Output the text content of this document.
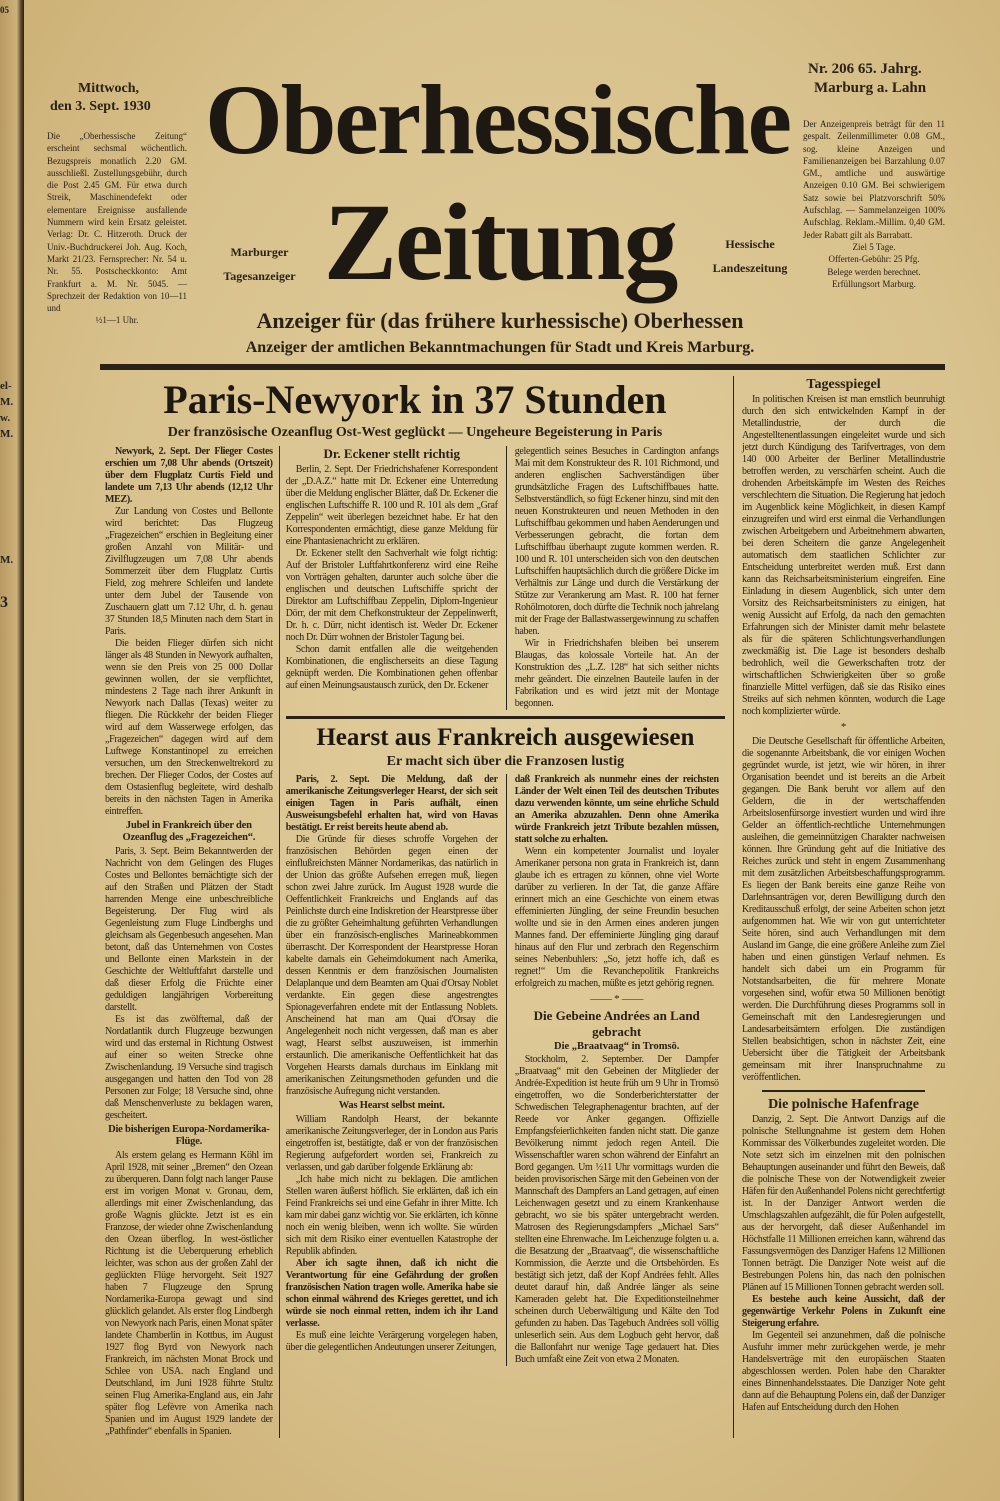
05
el-
M.
w.
M.
M.
3
Mittwoch,
den 3. Sept. 1930
Die „Oberhessische Zeitung“ erscheint sechsmal wöchentlich. Bezugspreis monatlich 2.20 GM. ausschließl. Zustellungsgebühr, durch die Post 2.45 GM. Für etwa durch Streik, Maschinendefekt oder elementare Ereignisse ausfallende Nummern wird kein Ersatz geleistet. Verlag: Dr. C. Hitzeroth. Druck der Univ.-Buchdruckerei Joh. Aug. Koch, Markt 21/23. Fernsprecher: Nr. 54 u. Nr. 55. Postscheckkonto: Amt Frankfurt a. M. Nr. 5045. — Sprechzeit der Redaktion von 10—11 und
½1—1 Uhr.
Oberhessische
Zeitung
Marburger
Tagesanzeiger
Hessische
Landeszeitung
Nr. 206 65. Jahrg.
Marburg a. Lahn
Der Anzeigenpreis beträgt für den 11 gespalt. Zeilenmillimeter 0.08 GM., sog. kleine Anzeigen und Familienanzeigen bei Barzahlung 0.07 GM., amtliche und auswärtige Anzeigen 0.10 GM. Bei schwierigem Satz sowie bei Platzvorschrift 50% Aufschlag. — Sammelanzeigen 100% Aufschlag. Reklam.-Millim. 0,40 GM. Jeder Rabatt gilt als Barrabatt.
Ziel 5 Tage.
Offerten-Gebühr: 25 Pfg.
Belege werden berechnet.
Erfüllungsort Marburg.
Anzeiger für (das frühere kurhessische) Oberhessen
Anzeiger der amtlichen Bekanntmachungen für Stadt und Kreis Marburg.
Paris-Newyork in 37 Stunden
Der französische Ozeanflug Ost-West geglückt — Ungeheure Begeisterung in Paris

Newyork, 2. Sept. Der Flieger Costes erschien um 7,08 Uhr abends (Ortszeit) über dem Flugplatz Curtis Field und landete um 7,13 Uhr abends (12,12 Uhr MEZ).

Zur Landung von Costes und Bellonte wird berichtet: Das Flugzeug „Fragezeichen“ erschien in Begleitung einer großen Anzahl von Militär- und Zivilflugzeugen um 7,08 Uhr abends Sommerzeit über dem Flugplatz Curtis Field, zog mehrere Schleifen und landete unter dem Jubel der Tausende von Zuschauern glatt um 7.12 Uhr, d. h. genau 37 Stunden 18,5 Minuten nach dem Start in Paris.

Die beiden Flieger dürfen sich nicht länger als 48 Stunden in Newyork aufhalten, wenn sie den Preis von 25 000 Dollar gewinnen wollen, der sie verpflichtet, mindestens 2 Tage nach ihrer Ankunft in Newyork nach Dallas (Texas) weiter zu fliegen. Die Rückkehr der beiden Flieger wird auf dem Wasserwege erfolgen, das „Fragezeichen“ dagegen wird auf dem Luftwege Konstantinopel zu erreichen versuchen, um den Streckenweltrekord zu brechen. Der Flieger Codos, der Costes auf dem Ostasienflug begleitete, wird deshalb bereits in den nächsten Tagen in Amerika eintreffen.

Jubel in Frankreich über den Ozeanflug des „Fragezeichen“.

Paris, 3. Sept. Beim Bekanntwerden der Nachricht von dem Gelingen des Fluges Costes und Bellontes bemächtigte sich der auf den Straßen und Plätzen der Stadt harrenden Menge eine unbeschreibliche Begeisterung. Der Flug wird als Gegenleistung zum Fluge Lindberghs und gleichsam als Gegenbesuch angesehen. Man betont, daß das Unternehmen von Costes und Bellonte einen Markstein in der Geschichte der Weltluftfahrt darstelle und daß dieser Erfolg die Früchte einer geduldigen langjährigen Vorbereitung darstellt.

Es ist das zwölftemal, daß der Nordatlantik durch Flugzeuge bezwungen wird und das erstemal in Richtung Ostwest auf einer so weiten Strecke ohne Zwischenlandung. 19 Versuche sind tragisch ausgegangen und hatten den Tod von 28 Personen zur Folge; 18 Versuche sind, ohne daß Menschenverluste zu beklagen waren, gescheitert.

Die bisherigen Europa-Nordamerika-Flüge.

Als erstem gelang es Hermann Köhl im April 1928, mit seiner „Bremen“ den Ozean zu überqueren. Dann folgt nach langer Pause erst im vorigen Monat v. Gronau, dem, allerdings mit einer Zwischenlandung, das große Wagnis glückte. Jetzt ist es ein Franzose, der wieder ohne Zwischenlandung den Ozean überflog. In west-östlicher Richtung ist die Ueberquerung erheblich leichter, was schon aus der großen Zahl der geglückten Flüge hervorgeht. Seit 1927 haben 7 Flugzeuge den Sprung Nordamerika-Europa gewagt und sind glücklich gelandet. Als erster flog Lindbergh von Newyork nach Paris, einen Monat später landete Chamberlin in Kottbus, im August 1927 flog Byrd von Newyork nach Frankreich, im nächsten Monat Brock und Schlee von USA. nach England und Deutschland, im Juni 1928 führte Stultz seinen Flug Amerika-England aus, ein Jahr später flog Lefèvre von Amerika nach Spanien und im August 1929 landete der „Pathfinder“ ebenfalls in Spanien.

Dr. Eckener stellt richtig

Berlin, 2. Sept. Der Friedrichshafener Korrespondent der „D.A.Z.“ hatte mit Dr. Eckener eine Unterredung über die Meldung englischer Blätter, daß Dr. Eckener die englischen Luftschiffe R. 100 und R. 101 als dem „Graf Zeppelin“ weit überlegen bezeichnet habe. Er hat den Korrespondenten ermächtigt, diese ganze Meldung für eine Phantasienachricht zu erklären.

Dr. Eckener stellt den Sachverhalt wie folgt richtig: Auf der Bristoler Luftfahrtkonferenz wird eine Reihe von Vorträgen gehalten, darunter auch solche über die englischen und deutschen Luftschiffe spricht der Direktor am Luftschiffbau Zeppelin, Diplom-Ingenieur Dörr, der mit dem Chefkonstrukteur der Zeppelinwerft, Dr. h. c. Dürr, nicht identisch ist. Weder Dr. Eckener noch Dr. Dürr wohnen der Bristoler Tagung bei.

Schon damit entfallen alle die weitgehenden Kombinationen, die englischerseits an diese Tagung geknüpft werden. Die Kombinationen gehen offenbar auf einen Meinungsaustausch zurück, den Dr. Eckener

gelegentlich seines Besuches in Cardington anfangs Mai mit dem Konstrukteur des R. 101 Richmond, und anderen englischen Sachverständigen über grundsätzliche Fragen des Luftschiffbaues hatte. Selbstverständlich, so fügt Eckener hinzu, sind mit den neuen Konstrukteuren und neuen Methoden in den Luftschiffbau gekommen und haben Aenderungen und Verbesserungen gebracht, die fortan dem Luftschiffbau überhaupt zugute kommen werden. R. 100 und R. 101 unterscheiden sich von den deutschen Luftschiffen hauptsächlich durch die größere Dicke im Verhältnis zur Länge und durch die Verstärkung der Stütze zur Verankerung am Mast. R. 100 hat ferner Rohölmotoren, doch dürfte die Technik noch jahrelang mit der Frage der Ballastwassergewinnung zu schaffen haben.

Wir in Friedrichshafen bleiben bei unserem Blaugas, das kolossale Vorteile hat. An der Konstruktion des „L.Z. 128“ hat sich seither nichts mehr geändert. Die einzelnen Bauteile laufen in der Fabrikation und es wird jetzt mit der Montage begonnen.

Hearst aus Frankreich ausgewiesen
Er macht sich über die Franzosen lustig

Paris, 2. Sept. Die Meldung, daß der amerikanische Zeitungsverleger Hearst, der sich seit einigen Tagen in Paris aufhält, einen Ausweisungsbefehl erhalten hat, wird von Havas bestätigt. Er reist bereits heute abend ab.

Die Gründe für dieses schroffe Vorgehen der französischen Behörden gegen einen der einflußreichsten Männer Nordamerikas, das natürlich in der Union das größte Aufsehen erregen muß, liegen schon zwei Jahre zurück. Im August 1928 wurde die Oeffentlichkeit Frankreichs und Englands auf das Peinlichste durch eine Indiskretion der Hearstpresse über die zu größter Geheimhaltung geführten Verhandlungen über ein französisch-englisches Marineabkommen überrascht. Der Korrespondent der Hearstpresse Horan kabelte damals ein Geheimdokument nach Amerika, dessen Kenntnis er dem französischen Journalisten Delaplanque und dem Beamten am Quai d'Orsay Noblet verdankte. Ein gegen diese angestrengtes Spionageverfahren endete mit der Entlassung Noblets. Anscheinend hat man am Quai d'Orsay die Angelegenheit noch nicht vergessen, daß man es aber wagt, Hearst selbst auszuweisen, ist immerhin erstaunlich. Die amerikanische Oeffentlichkeit hat das Vorgehen Hearsts damals durchaus im Einklang mit amerikanischen Zeitungsmethoden gefunden und die französische Aufregung nicht verstanden.

Was Hearst selbst meint.

William Randolph Hearst, der bekannte amerikanische Zeitungsverleger, der in London aus Paris eingetroffen ist, bestätigte, daß er von der französischen Regierung aufgefordert worden sei, Frankreich zu verlassen, und gab darüber folgende Erklärung ab:

„Ich habe mich nicht zu beklagen. Die amtlichen Stellen waren äußerst höflich. Sie erklärten, daß ich ein Feind Frankreichs sei und eine Gefahr in ihrer Mitte. Ich kam mir dabei ganz wichtig vor. Sie erklärten, ich könne noch ein wenig bleiben, wenn ich wollte. Sie würden sich mit dem Risiko einer eventuellen Katastrophe der Republik abfinden.

Aber ich sagte ihnen, daß ich nicht die Verantwortung für eine Gefährdung der großen französischen Nation tragen wolle. Amerika habe sie schon einmal während des Krieges gerettet, und ich würde sie noch einmal retten, indem ich ihr Land verlasse.

Es muß eine leichte Verärgerung vorgelegen haben, über die gelegentlichen Andeutungen unserer Zeitungen,

daß Frankreich als nunmehr eines der reichsten Länder der Welt einen Teil des deutschen Tributes dazu verwenden könnte, um seine ehrliche Schuld an Amerika abzuzahlen. Denn ohne Amerika würde Frankreich jetzt Tribute bezahlen müssen, statt solche zu erhalten.

Wenn ein kompetenter Journalist und loyaler Amerikaner persona non grata in Frankreich ist, dann glaube ich es ertragen zu können, ohne viel Worte darüber zu verlieren. In der Tat, die ganze Affäre erinnert mich an eine Geschichte von einem etwas effeminierten Jüngling, der seine Freundin besuchen wollte und sie in den Armen eines anderen jungen Mannes fand. Der effeminierte Jüngling ging darauf hinaus auf den Flur und zerbrach den Regenschirm seines Nebenbuhlers: „So, jetzt hoffe ich, daß es regnet!“ Um die Revanchepolitik Frankreichs erfolgreich zu machen, müßte es jetzt gehörig regnen.

—— * ——
Die Gebeine Andrées an Land gebracht
Die „Braatvaag“ in Tromsö.

Stockholm, 2. September. Der Dampfer „Braatvaag“ mit den Gebeinen der Mitglieder der Andrée-Expedition ist heute früh um 9 Uhr in Tromsö eingetroffen, wo die Sonderberichterstatter der Schwedischen Telegraphenagentur brachten, auf der Reede vor Anker gegangen. Offizielle Empfangsfeierlichkeiten fanden nicht statt. Die ganze Bevölkerung nimmt jedoch regen Anteil. Die Wissenschaftler waren schon während der Einfahrt an Bord gegangen. Um ½11 Uhr vormittags wurden die beiden provisorischen Särge mit den Gebeinen von der Mannschaft des Dampfers an Land getragen, auf einen Leichenwagen gesetzt und zu einem Krankenhause gebracht, wo sie bis später untergebracht werden. Matrosen des Regierungsdampfers „Michael Sars“ stellten eine Ehrenwache. Im Leichenzuge folgten u. a. die Besatzung der „Braatvaag“, die wissenschaftliche Kommission, die Aerzte und die Ortsbehörden. Es bestätigt sich jetzt, daß der Kopf Andrées fehlt. Alles deutet darauf hin, daß Andrée länger als seine Kameraden gelebt hat. Die Expeditionsteilnehmer scheinen durch Ueberwältigung und Kälte den Tod gefunden zu haben. Das Tagebuch Andrées soll völlig unleserlich sein. Aus dem Logbuch geht hervor, daß die Ballonfahrt nur wenige Tage gedauert hat. Dies Buch umfaßt eine Zeit von etwa 2 Monaten.

Tagesspiegel

In politischen Kreisen ist man ernstlich beunruhigt durch den sich entwickelnden Kampf in der Metallindustrie, der durch die Angestelltenentlassungen eingeleitet wurde und sich jetzt durch Kündigung des Tarifvertrages, von dem 140 000 Arbeiter der Berliner Metallindustrie betroffen werden, zu verschärfen scheint. Auch die drohenden Arbeitskämpfe im Westen des Reiches verschlechtern die Situation. Die Regierung hat jedoch im Augenblick keine Möglichkeit, in diesen Kampf einzugreifen und wird erst einmal die Verhandlungen zwischen Arbeitgebern und Arbeitnehmern abwarten, bei deren Scheitern die ganze Angelegenheit automatisch dem staatlichen Schlichter zur Entscheidung unterbreitet werden muß. Erst dann kann das Reichsarbeitsministerium eingreifen. Eine Einladung in diesem Augenblick, sich unter dem Vorsitz des Reichsarbeitsministers zu einigen, hat wenig Aussicht auf Erfolg, da nach den gemachten Erfahrungen sich der Minister damit mehr belastete als für die späteren Schlichtungsverhandlungen zweckmäßig ist. Die Lage ist besonders deshalb bedrohlich, weil die Gewerkschaften trotz der wirtschaftlichen Schwierigkeiten über so große finanzielle Mittel verfügen, daß sie das Risiko eines Streiks auf sich nehmen könnten, wodurch die Lage noch komplizierter würde.

*

Die Deutsche Gesellschaft für öffentliche Arbeiten, die sogenannte Arbeitsbank, die vor einigen Wochen gegründet wurde, ist jetzt, wie wir hören, in ihrer Organisation beendet und ist bereits an die Arbeit gegangen. Die Bank beruht vor allem auf den Geldern, die in der wertschaffenden Arbeitslosenfürsorge investiert wurden und wird ihre Gelder an öffentlich-rechtliche Unternehmungen ausleihen, die gemeinnützigen Charakter nachweisen können. Ihre Gründung geht auf die Initiative des Reiches zurück und steht in engem Zusammenhang mit dem zusätzlichen Arbeitsbeschaffungsprogramm. Es liegen der Bank bereits eine ganze Reihe von Darlehnsanträgen vor, deren Bewilligung durch den Kreditausschuß erfolgt, der seine Arbeiten schon jetzt aufgenommen hat. Wie wir von gut unterrichteter Seite hören, sind auch Verhandlungen mit dem Ausland im Gange, die eine größere Anleihe zum Ziel haben und einen günstigen Verlauf nehmen. Es handelt sich dabei um ein Programm für Notstandsarbeiten, die für mehrere Monate vorgesehen sind, wofür etwa 50 Millionen benötigt werden. Die Durchführung dieses Programms soll in Gemeinschaft mit den Landesregierungen und Landesarbeitsämtern erfolgen. Die zuständigen Stellen beabsichtigen, schon in nächster Zeit, eine Uebersicht über die Tätigkeit der Arbeitsbank gemeinsam mit ihrer Inanspruchnahme zu veröffentlichen.

Die polnische Hafenfrage

Danzig, 2. Sept. Die Antwort Danzigs auf die polnische Stellungnahme ist gestern dem Hohen Kommissar des Völkerbundes zugeleitet worden. Die Note setzt sich im einzelnen mit den polnischen Behauptungen auseinander und führt den Beweis, daß die polnische These von der Notwendigkeit zweier Häfen für den Außenhandel Polens nicht gerechtfertigt ist. In der Danziger Antwort werden die Umschlagszahlen aufgezählt, die für Polen aufgestellt, aus der hervorgeht, daß dieser Außenhandel im Höchstfalle 11 Millionen erreichen kann, während das Fassungsvermögen des Danziger Hafens 12 Millionen Tonnen beträgt. Die Danziger Note weist auf die Bestrebungen Polens hin, das nach den polnischen Plänen auf 15 Millionen Tonnen gebracht werden soll.

Es bestehe auch keine Aussicht, daß der gegenwärtige Verkehr Polens in Zukunft eine Steigerung erfahre.

Im Gegenteil sei anzunehmen, daß die polnische Ausfuhr immer mehr zurückgehen werde, je mehr Handelsverträge mit den europäischen Staaten abgeschlossen werden. Polen habe den Charakter eines Binnenhandelsstaates. Die Danziger Note geht dann auf die Behauptung Polens ein, daß der Danziger Hafen auf Entscheidung durch den Hohen
